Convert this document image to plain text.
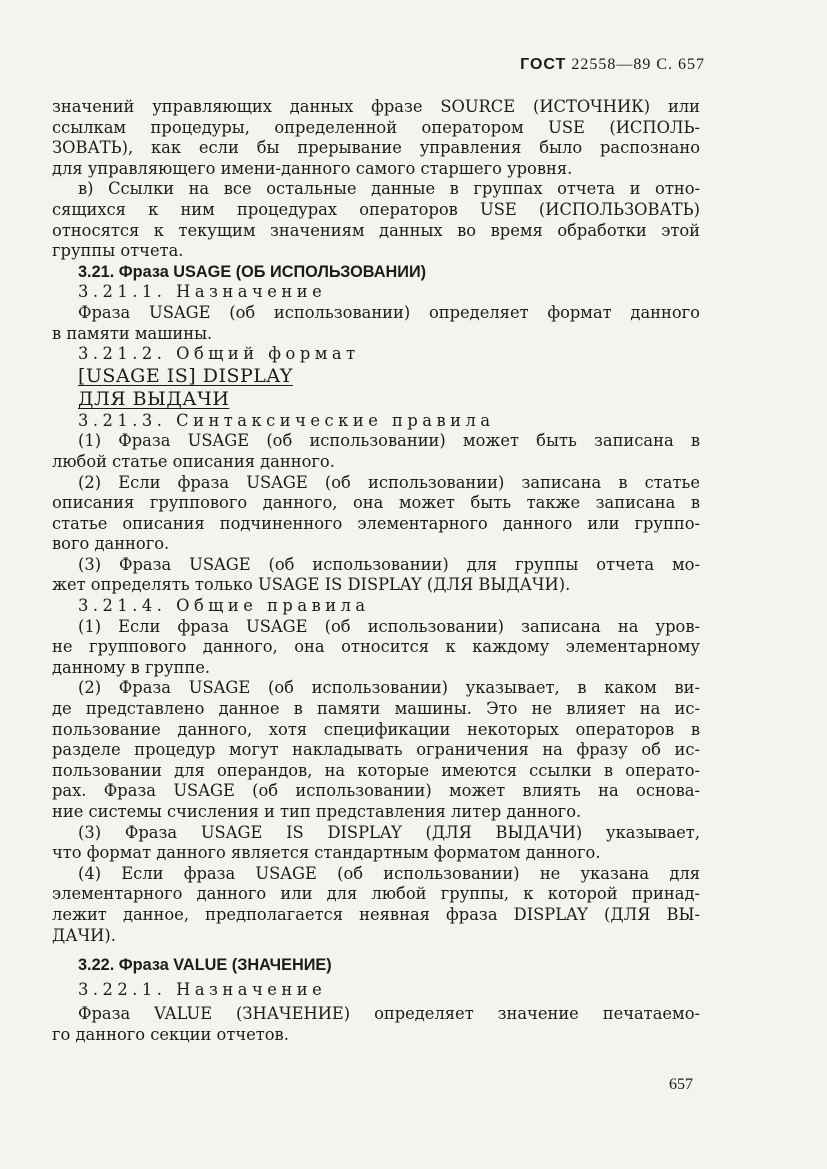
ГОСТ 22558—89 С. 657
значений управляющих данных фразе SOURCE (ИСТОЧНИК) или
ссылкам процедуры, определенной оператором USE (ИСПОЛЬ-
ЗОВАТЬ), как если бы прерывание управления было распознано
для управляющего имени-данного самого старшего уровня.
в) Ссылки на все остальные данные в группах отчета и отно-
сящихся к ним процедурах операторов USE (ИСПОЛЬЗОВАТЬ)
относятся к текущим значениям данных во время обработки этой
группы отчета.
3.21. Фраза USAGE (ОБ ИСПОЛЬЗОВАНИИ)
3.21.1. Назначение
Фраза USAGE (об использовании) определяет формат данного
в памяти машины.
3.21.2. Общий формат
[USAGE IS] DISPLAY
ДЛЯ ВЫДАЧИ
3.21.3. Синтаксические правила
(1) Фраза USAGE (об использовании) может быть записана в
любой статье описания данного.
(2) Если фраза USAGE (об использовании) записана в статье
описания группового данного, она может быть также записана в
статье описания подчиненного элементарного данного или группо-
вого данного.
(3) Фраза USAGE (об использовании) для группы отчета мо-
жет определять только USAGE IS DISPLAY (ДЛЯ ВЫДАЧИ).
3.21.4. Общие правила
(1) Если фраза USAGE (об использовании) записана на уров-
не группового данного, она относится к каждому элементарному
данному в группе.
(2) Фраза USAGE (об использовании) указывает, в каком ви-
де представлено данное в памяти машины. Это не влияет на ис-
пользование данного, хотя спецификации некоторых операторов в
разделе процедур могут накладывать ограничения на фразу об ис-
пользовании для операндов, на которые имеются ссылки в операто-
рах. Фраза USAGE (об использовании) может влиять на основа-
ние системы счисления и тип представления литер данного.
(3) Фраза USAGE IS DISPLAY (ДЛЯ ВЫДАЧИ) указывает,
что формат данного является стандартным форматом данного.
(4) Если фраза USAGE (об использовании) не указана для
элементарного данного или для любой группы, к которой принад-
лежит данное, предполагается неявная фраза DISPLAY (ДЛЯ ВЫ-
ДАЧИ).
3.22. Фраза VALUE (ЗНАЧЕНИЕ)
3.22.1. Назначение
Фраза VALUE (ЗНАЧЕНИЕ) определяет значение печатаемо-
го данного секции отчетов.
657
